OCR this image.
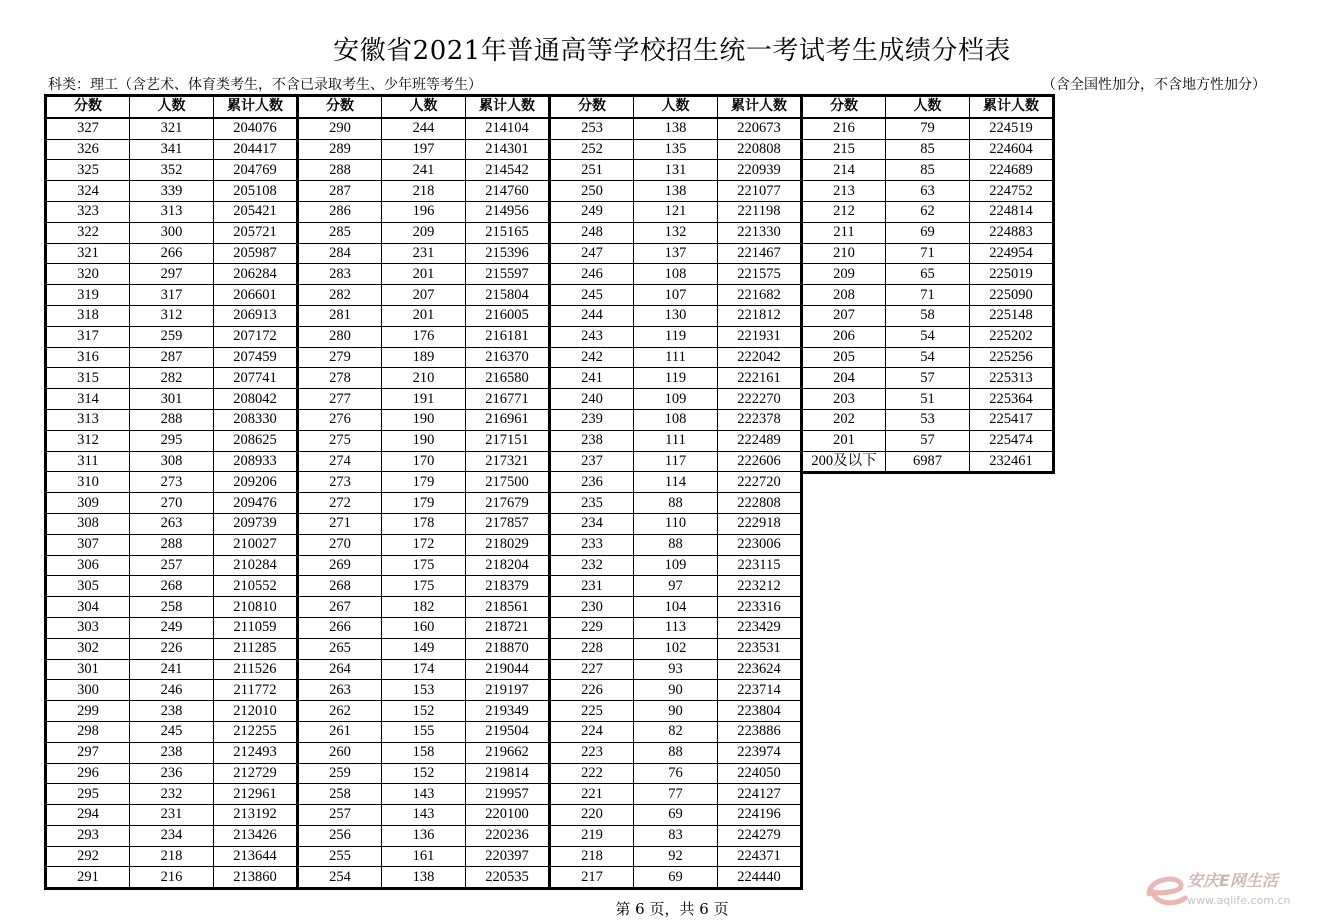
安徽省2021年普通高等学校招生统一考试考生成绩分档表
科类：理工（含艺术、体育类考生，不含已录取考生、少年班等考生）	（含全国性加分，不含地方性加分）
分数	人数	累计人数
327	321	204076
326	341	204417
325	352	204769
324	339	205108
323	313	205421
322	300	205721
321	266	205987
320	297	206284
319	317	206601
318	312	206913
317	259	207172
316	287	207459
315	282	207741
314	301	208042
313	288	208330
312	295	208625
311	308	208933
310	273	209206
309	270	209476
308	263	209739
307	288	210027
306	257	210284
305	268	210552
304	258	210810
303	249	211059
302	226	211285
301	241	211526
300	246	211772
299	238	212010
298	245	212255
297	238	212493
296	236	212729
295	232	212961
294	231	213192
293	234	213426
292	218	213644
291	216	213860
分数	人数	累计人数
290	244	214104
289	197	214301
288	241	214542
287	218	214760
286	196	214956
285	209	215165
284	231	215396
283	201	215597
282	207	215804
281	201	216005
280	176	216181
279	189	216370
278	210	216580
277	191	216771
276	190	216961
275	190	217151
274	170	217321
273	179	217500
272	179	217679
271	178	217857
270	172	218029
269	175	218204
268	175	218379
267	182	218561
266	160	218721
265	149	218870
264	174	219044
263	153	219197
262	152	219349
261	155	219504
260	158	219662
259	152	219814
258	143	219957
257	143	220100
256	136	220236
255	161	220397
254	138	220535
分数	人数	累计人数
253	138	220673
252	135	220808
251	131	220939
250	138	221077
249	121	221198
248	132	221330
247	137	221467
246	108	221575
245	107	221682
244	130	221812
243	119	221931
242	111	222042
241	119	222161
240	109	222270
239	108	222378
238	111	222489
237	117	222606
236	114	222720
235	88	222808
234	110	222918
233	88	223006
232	109	223115
231	97	223212
230	104	223316
229	113	223429
228	102	223531
227	93	223624
226	90	223714
225	90	223804
224	82	223886
223	88	223974
222	76	224050
221	77	224127
220	69	224196
219	83	224279
218	92	224371
217	69	224440
分数	人数	累计人数
216	79	224519
215	85	224604
214	85	224689
213	63	224752
212	62	224814
211	69	224883
210	71	224954
209	65	225019
208	71	225090
207	58	225148
206	54	225202
205	54	225256
204	57	225313
203	51	225364
202	53	225417
201	57	225474
200及以下	6987	232461
第 6 页，共 6 页
安庆E网生活
www.aqlife.com.cn
